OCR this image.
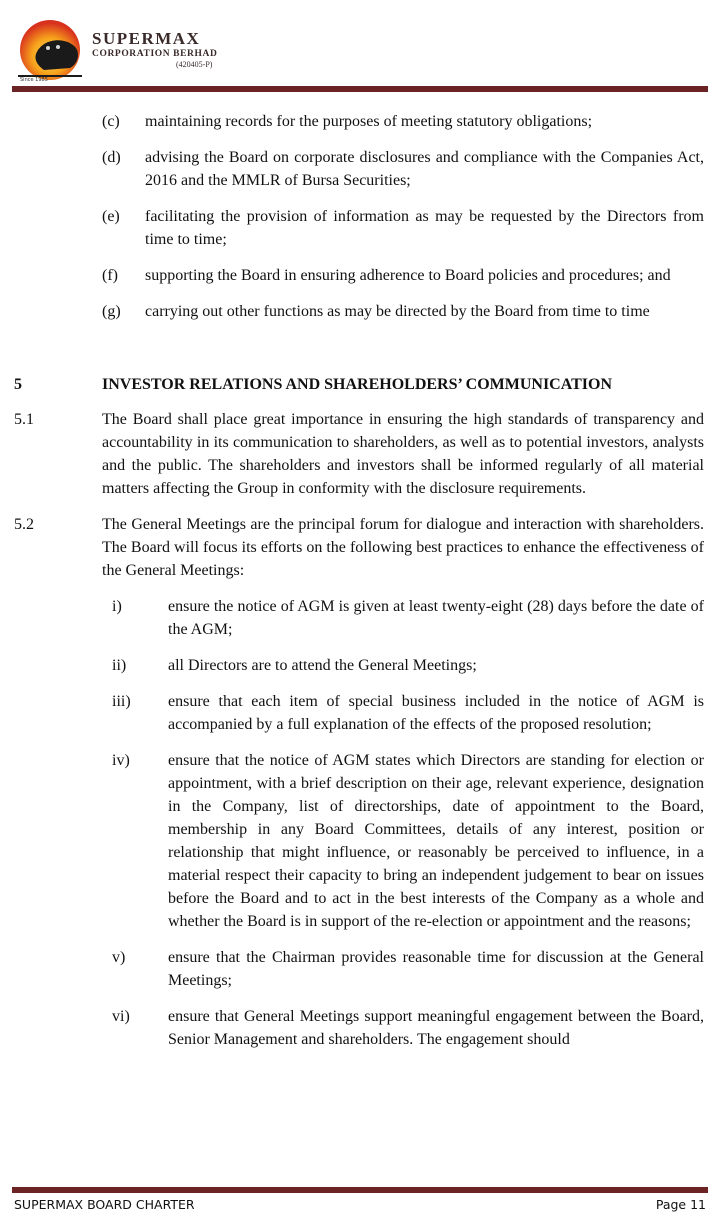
Since 1985
SUPERMAX
CORPORATION BERHAD
(420405-P)
(c) maintaining records for the purposes of meeting statutory obligations;
(d) advising the Board on corporate disclosures and compliance with the Companies Act, 2016 and the MMLR of Bursa Securities;
(e) facilitating the provision of information as may be requested by the Directors from time to time;
(f) supporting the Board in ensuring adherence to Board policies and procedures; and
(g) carrying out other functions as may be directed by the Board from time to time
5	INVESTOR RELATIONS AND SHAREHOLDERS’ COMMUNICATION
5.1	The Board shall place great importance in ensuring the high standards of transparency and accountability in its communication to shareholders, as well as to potential investors, analysts and the public. The shareholders and investors shall be informed regularly of all material matters affecting the Group in conformity with the disclosure requirements.
5.2	The General Meetings are the principal forum for dialogue and interaction with shareholders. The Board will focus its efforts on the following best practices to enhance the effectiveness of the General Meetings:
i)	ensure the notice of AGM is given at least twenty-eight (28) days before the date of the AGM;
ii)	all Directors are to attend the General Meetings;
iii) ensure that each item of special business included in the notice of AGM is accompanied by a full explanation of the effects of the proposed resolution;
iv) ensure that the notice of AGM states which Directors are standing for election or appointment, with a brief description on their age, relevant experience, designation in the Company, list of directorships, date of appointment to the Board, membership in any Board Committees, details of any interest, position or relationship that might influence, or reasonably be perceived to influence, in a material respect their capacity to bring an independent judgement to bear on issues before the Board and to act in the best interests of the Company as a whole and whether the Board is in support of the re-election or appointment and the reasons;
v)	ensure that the Chairman provides reasonable time for discussion at the General Meetings;
vi) ensure that General Meetings support meaningful engagement between the Board, Senior Management and shareholders. The engagement should
SUPERMAX BOARD CHARTER	Page 11
